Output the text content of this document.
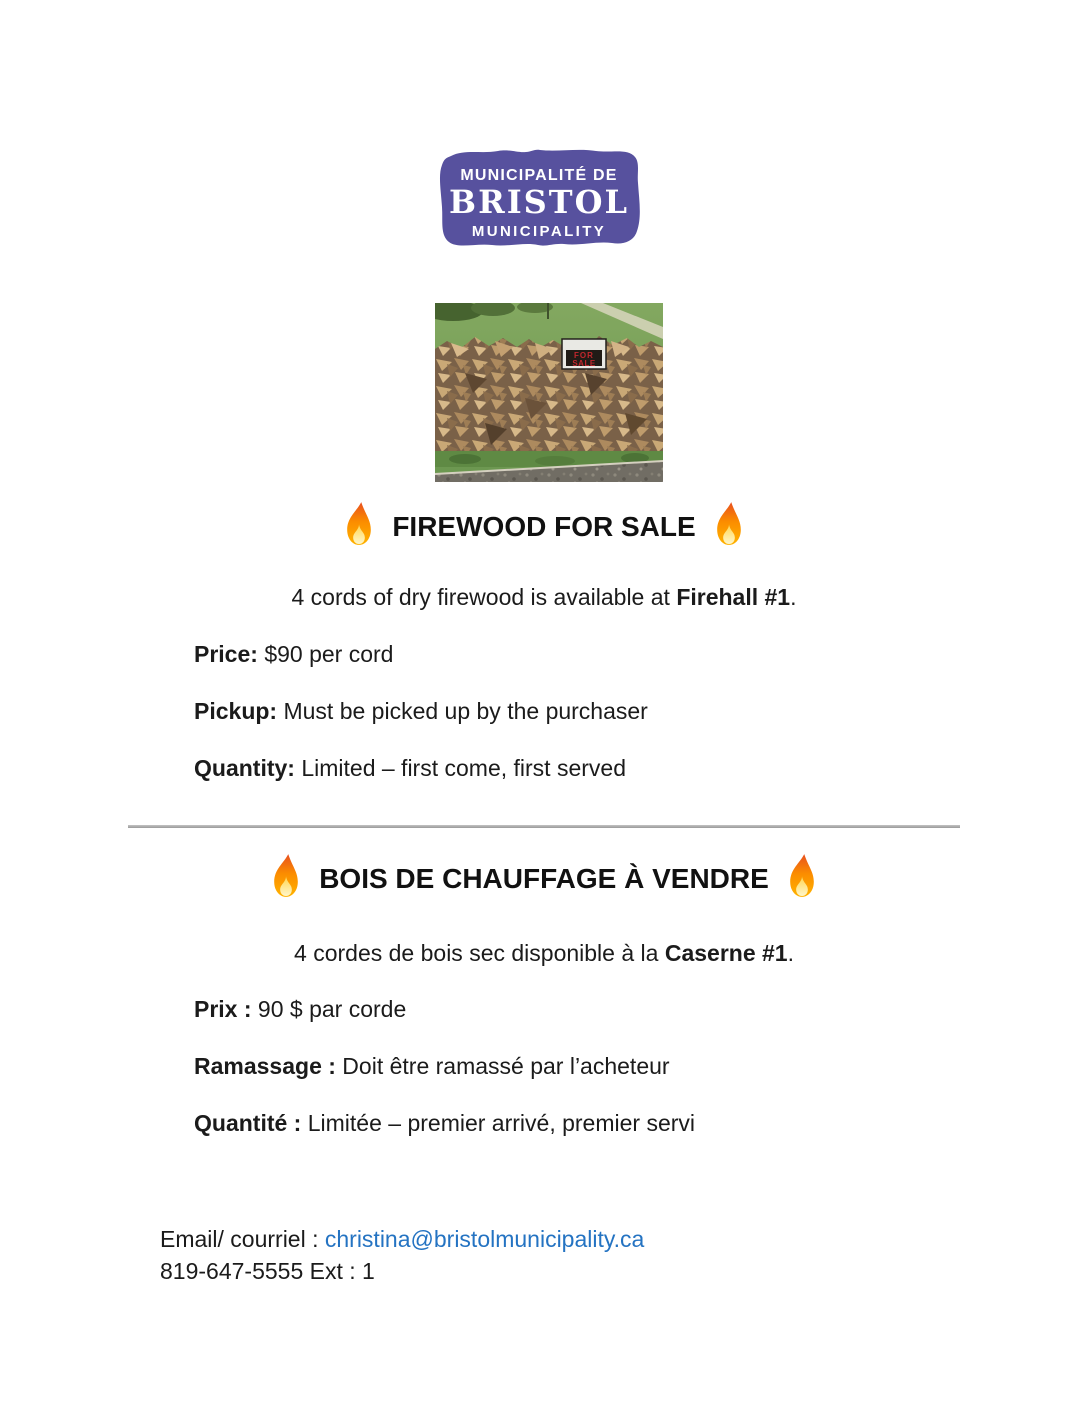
MUNICIPALITÉ DE
BRISTOL
MUNICIPALITY
FOR
SALE
FIREWOOD FOR SALE
4 cords of dry firewood is available at Firehall #1.
Price: $90 per cord
Pickup: Must be picked up by the purchaser
Quantity: Limited – first come, first served
BOIS DE CHAUFFAGE À VENDRE
4 cordes de bois sec disponible à la Caserne #1.
Prix : 90 $ par corde
Ramassage : Doit être ramassé par l’acheteur
Quantité : Limitée – premier arrivé, premier servi
Email/ courriel : christina@bristolmunicipality.ca
819-647-5555 Ext : 1
